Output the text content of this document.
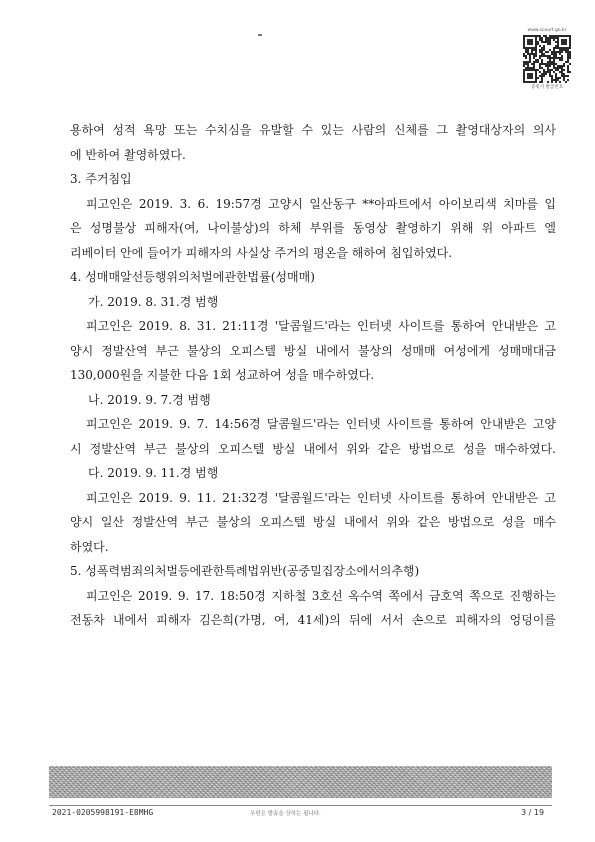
www.scourt.go.kr
증명서 발급번호

용하여 성적 욕망 또는 수치심을 유발할 수 있는 사람의 신체를 그 촬영대상자의 의사

에 반하여 촬영하였다.

3. 주거침입

피고인은 2019. 3. 6. 19:57경 고양시 일산동구 **아파트에서 아이보리색 치마를 입

은 성명불상 피해자(여, 나이불상)의 하체 부위를 동영상 촬영하기 위해 위 아파트 엘

리베이터 안에 들어가 피해자의 사실상 주거의 평온을 해하여 침입하였다.

4. 성매매알선등행위의처벌에관한법률(성매매)

가. 2019. 8. 31.경 범행

피고인은 2019. 8. 31. 21:11경 '달콤월드'라는 인터넷 사이트를 통하여 안내받은 고

양시 정발산역 부근 불상의 오피스텔 방실 내에서 불상의 성매매 여성에게 성매매대금

130,000원을 지불한 다음 1회 성교하여 성을 매수하였다.

나. 2019. 9. 7.경 범행

피고인은 2019. 9. 7. 14:56경 달콤월드'라는 인터넷 사이트를 통하여 안내받은 고양

시 정발산역 부근 불상의 오피스텔 방실 내에서 위와 같은 방법으로 성을 매수하였다.

다. 2019. 9. 11.경 범행

피고인은 2019. 9. 11. 21:32경 '달콤월드'라는 인터넷 사이트를 통하여 안내받은 고

양시 일산 정발산역 부근 불상의 오피스텔 방실 내에서 위와 같은 방법으로 성을 매수

하였다.

5. 성폭력범죄의처벌등에관한특례법위반(공중밀집장소에서의추행)

피고인은 2019. 9. 17. 18:50경 지하철 3호선 옥수역 쪽에서 금호역 쪽으로 진행하는

전동차 내에서 피해자 김은희(가명, 여, 41세)의 뒤에 서서 손으로 피해자의 엉덩이를

2021-0205998191-E8MHG	우편은 발송을 상하는 됩니다.	3 / 19
